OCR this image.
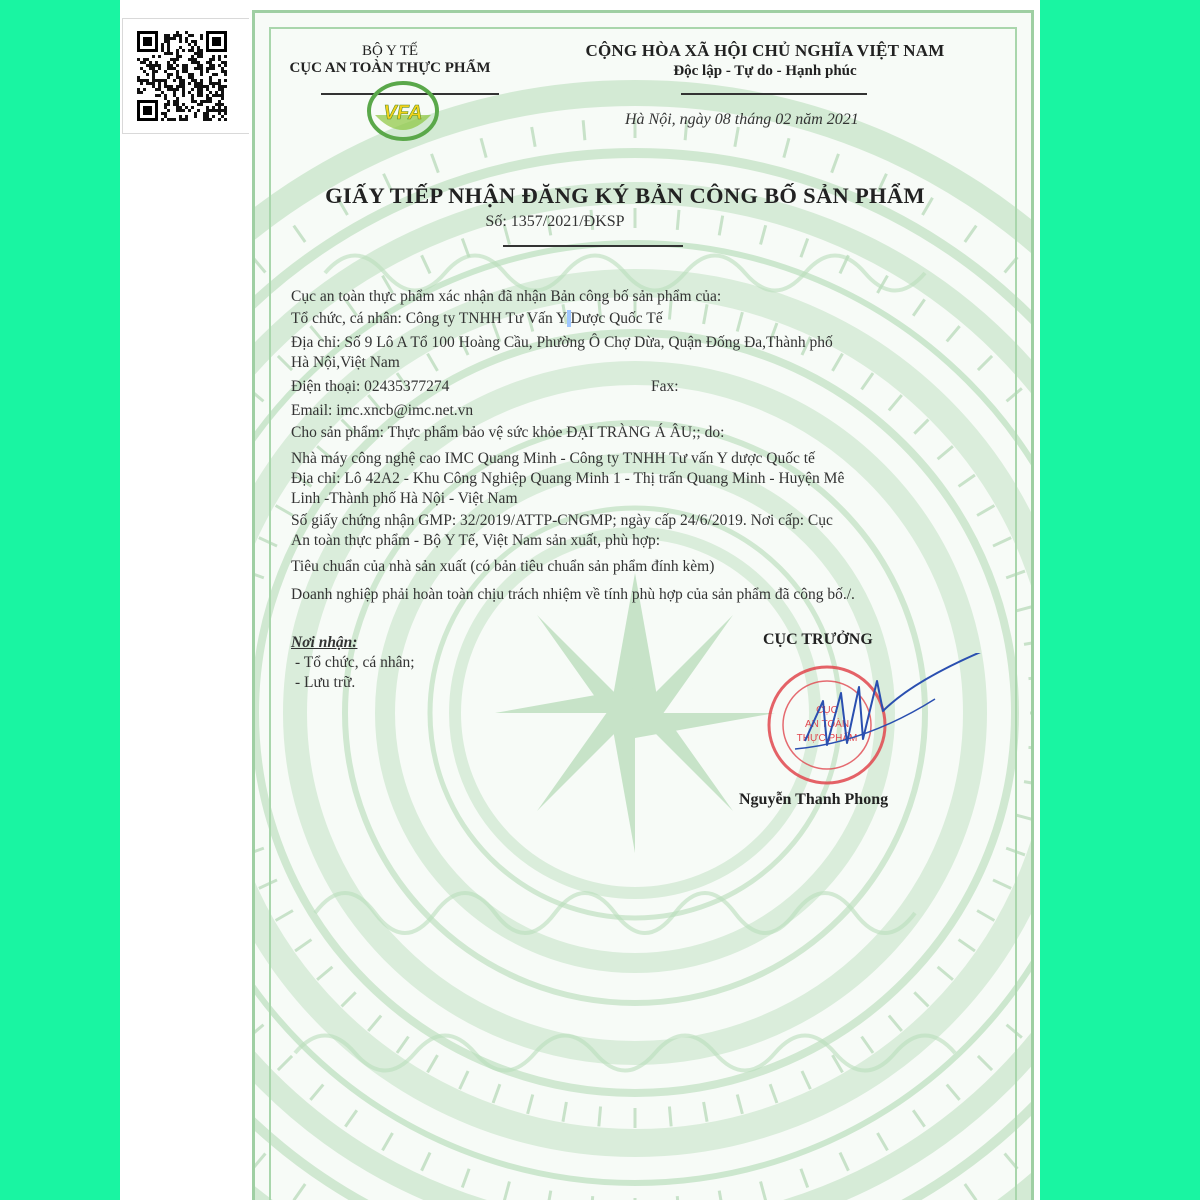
BỘ Y TẾ
CỤC AN TOÀN THỰC PHẨM
VFA
CỘNG HÒA XÃ HỘI CHỦ NGHĨA VIỆT NAM
Độc lập - Tự do - Hạnh phúc
Hà Nội, ngày 08 tháng 02 năm 2021
GIẤY TIẾP NHẬN ĐĂNG KÝ BẢN CÔNG BỐ SẢN PHẨM
Số: 1357/2021/ĐKSP
Cục an toàn thực phẩm xác nhận đã nhận Bản công bố sản phẩm của:
Tổ chức, cá nhân: Công ty TNHH Tư Vấn Y Dược Quốc Tế
Địa chỉ: Số 9 Lô A Tổ 100 Hoàng Cầu, Phường Ô Chợ Dừa, Quận Đống Đa,Thành phố
Hà Nội,Việt Nam
Điện thoại: 02435377274	Fax:
Email: imc.xncb@imc.net.vn
Cho sản phẩm: Thực phẩm bảo vệ sức khỏe ĐẠI TRÀNG Á ÂU;; do:
Nhà máy công nghệ cao IMC Quang Minh - Công ty TNHH Tư vấn Y dược Quốc tế
Địa chỉ: Lô 42A2 - Khu Công Nghiệp Quang Minh 1 - Thị trấn Quang Minh - Huyện Mê
Linh -Thành phố Hà Nội - Việt Nam
Số giấy chứng nhận GMP: 32/2019/ATTP-CNGMP; ngày cấp 24/6/2019. Nơi cấp: Cục
An toàn thực phẩm - Bộ Y Tế, Việt Nam sản xuất, phù hợp:
Tiêu chuẩn của nhà sản xuất (có bản tiêu chuẩn sản phẩm đính kèm)
Doanh nghiệp phải hoàn toàn chịu trách nhiệm về tính phù hợp của sản phẩm đã công bố./.
Nơi nhận:
- Tổ chức, cá nhân;
- Lưu trữ.
CỤC TRƯỞNG
CỤC
AN TOÀN
THỰC PHẨM
Nguyễn Thanh Phong
